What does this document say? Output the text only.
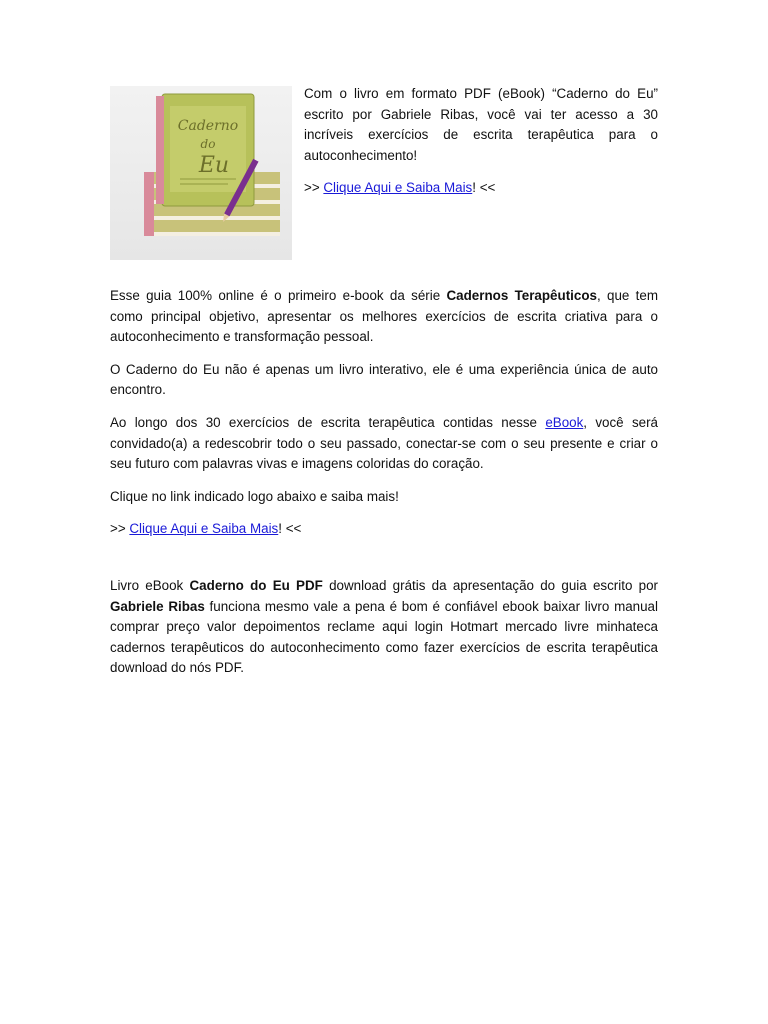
Caderno
do
Eu

Com o livro em formato PDF (eBook) “Caderno do Eu” escrito por Gabriele Ribas, você vai ter acesso a 30 incríveis exercícios de escrita terapêutica para o autoconhecimento!

>> Clique Aqui e Saiba Mais! <<

Esse guia 100% online é o primeiro e-book da série Cadernos Terapêuticos, que tem como principal objetivo, apresentar os melhores exercícios de escrita criativa para o autoconhecimento e transformação pessoal.

O Caderno do Eu não é apenas um livro interativo, ele é uma experiência única de auto encontro.

Ao longo dos 30 exercícios de escrita terapêutica contidas nesse eBook, você será convidado(a) a redescobrir todo o seu passado, conectar-se com o seu presente e criar o seu futuro com palavras vivas e imagens coloridas do coração.

Clique no link indicado logo abaixo e saiba mais!

>> Clique Aqui e Saiba Mais! <<

Livro eBook Caderno do Eu PDF download grátis da apresentação do guia escrito por Gabriele Ribas funciona mesmo vale a pena é bom é confiável ebook baixar livro manual comprar preço valor depoimentos reclame aqui login Hotmart mercado livre minhateca cadernos terapêuticos do autoconhecimento como fazer exercícios de escrita terapêutica download do nós PDF.
